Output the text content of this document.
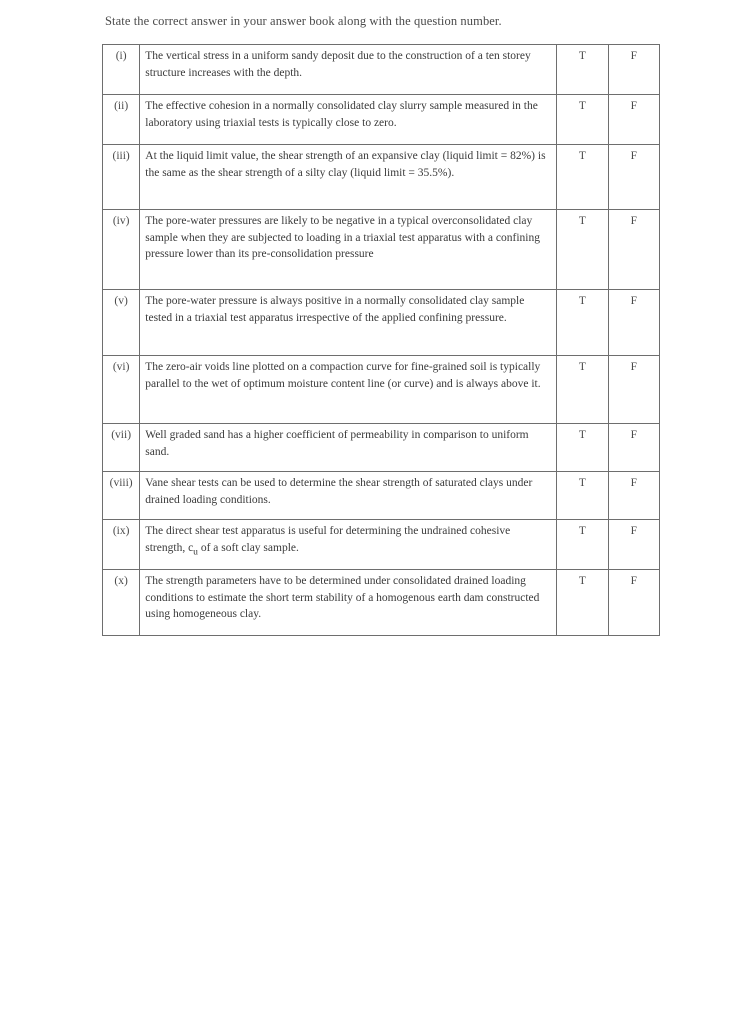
State the correct answer in your answer book along with the question number.
(i)	The vertical stress in a uniform sandy deposit due to the construction of a ten storey structure increases with the depth.	T	F
(ii)	The effective cohesion in a normally consolidated clay slurry sample measured in the laboratory using triaxial tests is typically close to zero.	T	F
(iii)	At the liquid limit value, the shear strength of an expansive clay (liquid limit = 82%) is the same as the shear strength of a silty clay (liquid limit = 35.5%).	T	F
(iv)	The pore-water pressures are likely to be negative in a typical overconsolidated clay sample when they are subjected to loading in a triaxial test apparatus with a confining pressure lower than its pre-consolidation pressure	T	F
(v)	The pore-water pressure is always positive in a normally consolidated clay sample tested in a triaxial test apparatus irrespective of the applied confining pressure.	T	F
(vi)	The zero-air voids line plotted on a compaction curve for fine-grained soil is typically parallel to the wet of optimum moisture content line (or curve) and is always above it.	T	F
(vii)	Well graded sand has a higher coefficient of permeability in comparison to uniform sand.	T	F
(viii)	Vane shear tests can be used to determine the shear strength of saturated clays under drained loading conditions.	T	F
(ix)	The direct shear test apparatus is useful for determining the undrained cohesive strength, $c_u$ of a soft clay sample.	T	F
(x)	The strength parameters have to be determined under consolidated drained loading conditions to estimate the short term stability of a homogenous earth dam constructed using homogeneous clay.	T	F
